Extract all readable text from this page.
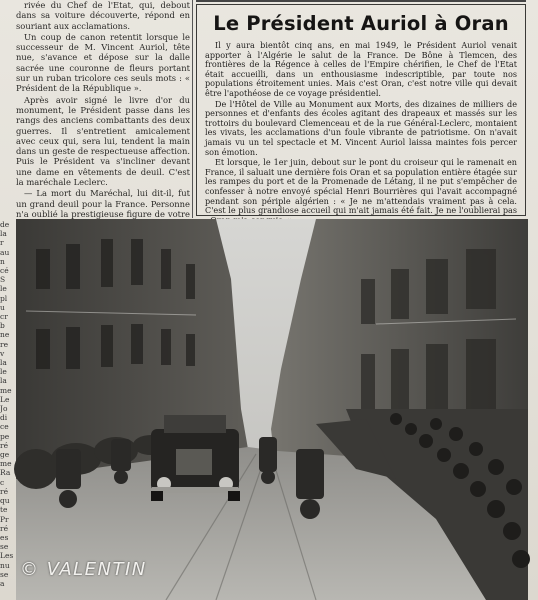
rivée du Chef de l'Etat, qui, debout dans sa voiture découverte, répond en souriant aux acclamations.

Un coup de canon retentit lorsque le successeur de M. Vincent Auriol, tête nue, s'avance et dépose sur la dalle sacrée une couronne de fleurs portant sur un ruban tricolore ces seuls mots : « Président de la République ».

Après avoir signé le livre d'or du monument, le Président passe dans les rangs des anciens combattants des deux guerres. Il s'entretient amicalement avec ceux qui, sera lui, tendent la main dans un geste de respectueuse affection. Puis le Président va s'incliner devant une dame en vêtements de deuil. C'est la maréchale Leclerc.

— La mort du Maréchal, lui dit-il, fut un grand deuil pour la France. Personne n'a oublié la prestigieuse figure de votre

Le Président Auriol à Oran

Il y aura bientôt cinq ans, en mai 1949, le Président Auriol venait apporter à l'Algérie le salut de la France. De Bône à Tlemcen, des frontières de la Régence à celles de l'Empire chérifien, le Chef de l'Etat était accueilli, dans un enthousiasme indescriptible, par toute nos populations étroitement unies. Mais c'est Oran, c'est notre ville qui devait être l'apothéose de ce voyage présidentiel.

De l'Hôtel de Ville au Monument aux Morts, des dizaines de milliers de personnes et d'enfants des écoles agitant des drapeaux et massés sur les trottoirs du boulevard Clemenceau et de la rue Général-Leclerc, montaient les vivats, les acclamations d'un foule vibrante de patriotisme. On n'avait jamais vu un tel spectacle et M. Vincent Auriol laissa maintes fois percer son émotion.

Et lorsque, le 1er juin, debout sur le pont du croiseur qui le ramenait en France, il saluait une dernière fois Oran et sa population entière étagée sur les rampes du port et de la Promenade de Létang, il ne put s'empêcher de confesser à notre envoyé spécial Henri Bourrières qui l'avait accompagné pendant son périple algérien : « Je ne m'attendais vraiment pas à cela. C'est le plus grandiose accueil qui m'ait jamais été fait. Je ne l'oublierai pas

de
la
r
au
n
cé
S
le
pl
u
cr
b
ne
re
v
la
le
la
me
Le
Jo
di
ce
pe
ré
ge
me
Ra
c
ré
qu
te
Pr
ré
es
se
Les
nu
se
a
© VALENTIN
